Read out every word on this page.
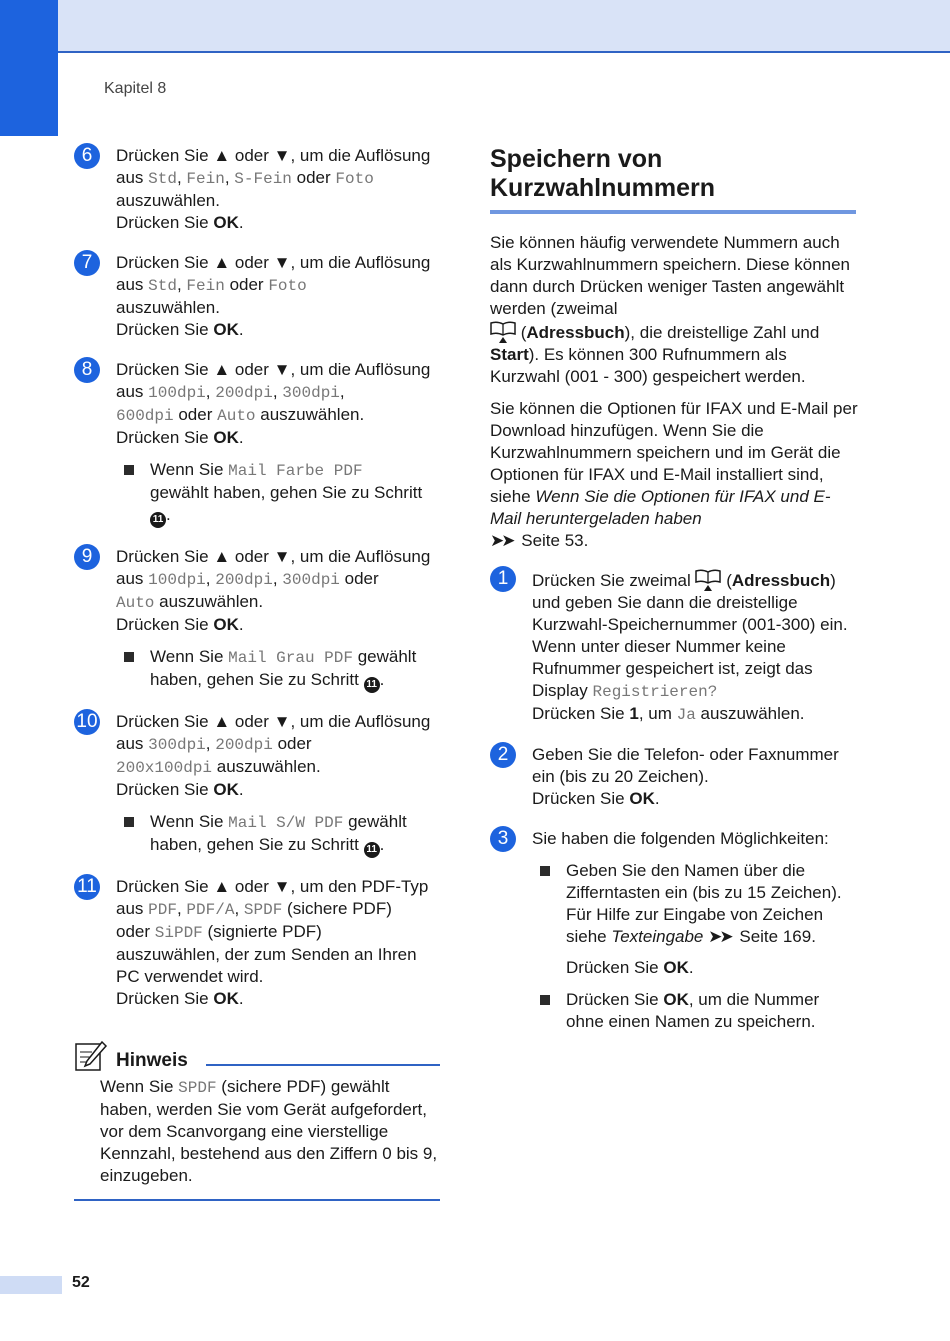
Kapitel 8
6	Drücken Sie ▲ oder ▼, um die Auflösung
aus Std, Fein, S-Fein oder Foto
auszuwählen.
Drücken Sie OK.
7	Drücken Sie ▲ oder ▼, um die Auflösung
aus Std, Fein oder Foto
auszuwählen.
Drücken Sie OK.
8	Drücken Sie ▲ oder ▼, um die Auflösung
aus 100dpi, 200dpi, 300dpi,
600dpi oder Auto auszuwählen.
Drücken Sie OK.
Wenn Sie Mail Farbe PDF
gewählt haben, gehen Sie zu Schritt 11 .
9	Drücken Sie ▲ oder ▼, um die Auflösung
aus 100dpi, 200dpi, 300dpi oder
Auto auszuwählen.
Drücken Sie OK.
Wenn Sie Mail Grau PDF gewählt haben, gehen Sie zu Schritt 11 .
10 Drücken Sie ▲ oder ▼, um die Auflösung
aus 300dpi, 200dpi oder
200x100dpi auszuwählen.
Drücken Sie OK.
Wenn Sie Mail S/W PDF gewählt haben, gehen Sie zu Schritt 11 .
11 Drücken Sie ▲ oder ▼, um den PDF-Typ
aus PDF, PDF/A, SPDF (sichere PDF)
oder SiPDF (signierte PDF)
auszuwählen, der zum Senden an Ihren PC verwendet wird.
Drücken Sie OK.
Hinweis
Wenn Sie SPDF (sichere PDF) gewählt haben, werden Sie vom Gerät aufgefordert, vor dem Scanvorgang eine vierstellige Kennzahl, bestehend aus den Ziffern 0 bis 9, einzugeben.
Speichern von Kurzwahlnummern
Sie können häufig verwendete Nummern auch als Kurzwahlnummern speichern. Diese können dann durch Drücken weniger Tasten angewählt werden (zweimal
(Adressbuch), die dreistellige Zahl und Start). Es können 300 Rufnummern als Kurzwahl (001 - 300) gespeichert werden.
Sie können die Optionen für IFAX und E-Mail per Download hinzufügen. Wenn Sie die Kurzwahlnummern speichern und im Gerät die Optionen für IFAX und E-Mail installiert sind, siehe Wenn Sie die Optionen für IFAX und E-Mail heruntergeladen haben
➤➤ Seite 53.
1	Drücken Sie zweimal  (Adressbuch) und geben Sie dann die dreistellige Kurzwahl-Speichernummer (001-300) ein.
Wenn unter dieser Nummer keine Rufnummer gespeichert ist, zeigt das Display Registrieren?
Drücken Sie 1, um Ja auszuwählen.
2	Geben Sie die Telefon- oder Faxnummer ein (bis zu 20 Zeichen).
Drücken Sie OK.
3	Sie haben die folgenden Möglichkeiten:
Geben Sie den Namen über die Zifferntasten ein (bis zu 15 Zeichen). Für Hilfe zur Eingabe von Zeichen siehe Texteingabe ➤➤ Seite 169.
Drücken Sie OK.
Drücken Sie OK, um die Nummer ohne einen Namen zu speichern.
52
